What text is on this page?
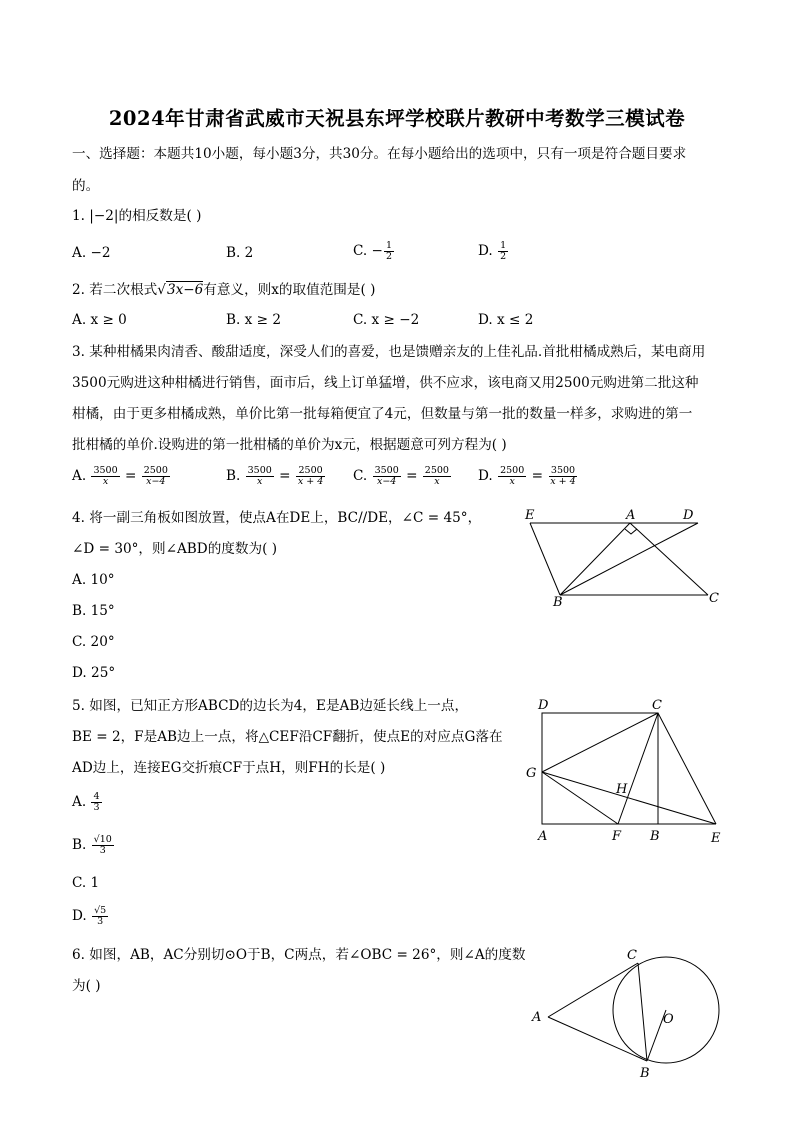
2024年甘肃省武威市天祝县东坪学校联片教研中考数学三模试卷
一、选择题：本题共10小题，每小题3分，共30分。在每小题给出的选项中，只有一项是符合题目要求
的。
1. |−2|的相反数是( )
A. −2	B. 2	C. − $\frac{1}{2}$	D. $\frac{1}{2}$
2. 若二次根式√3x−6有意义，则x的取值范围是( )
A. x ≥ 0	B. x ≥ 2	C. x ≥ −2	D. x ≤ 2
3. 某种柑橘果肉清香、酸甜适度，深受人们的喜爱，也是馈赠亲友的上佳礼品.首批柑橘成熟后，某电商用
3500元购进这种柑橘进行销售，面市后，线上订单猛增，供不应求，该电商又用2500元购进第二批这种
柑橘，由于更多柑橘成熟，单价比第一批每箱便宜了4元，但数量与第一批的数量一样多，求购进的第一
批柑橘的单价.设购进的第一批柑橘的单价为x元，根据题意可列方程为( )
A. $\frac{3500}{x} = \frac{2500}{x-4}$	B. $\frac{3500}{x} = \frac{2500}{x + 4} C$. $\frac{3500}{x-4} = \frac{2500}{x} D$. $\frac{2500}{x} = \frac{3500}{x + 4}$
4. 将一副三角板如图放置，使点A在DE上，BC//DE，∠C = 45°，
∠D = 30°，则∠ABD的度数为( )
A. 10°
B. 15°
C. 20°
D. 25°
E	A	D
B	C
5. 如图，已知正方形ABCD的边长为4，E是AB边延长线上一点，
BE = 2，F是AB边上一点，将△CEF沿CF翻折，使点E的对应点G落在
AD边上，连接EG交折痕CF于点H，则FH的长是( )
A. $\frac{4}{3}$
B. $\frac{√10}{3}$
C. 1
D. $\frac{√5}{3}$
D	C
G
H
A	F B	E
6. 如图，AB，AC分别切⊙O于B，C两点，若∠OBC = 26°，则∠A的度数
为( )
C
A	O
B
